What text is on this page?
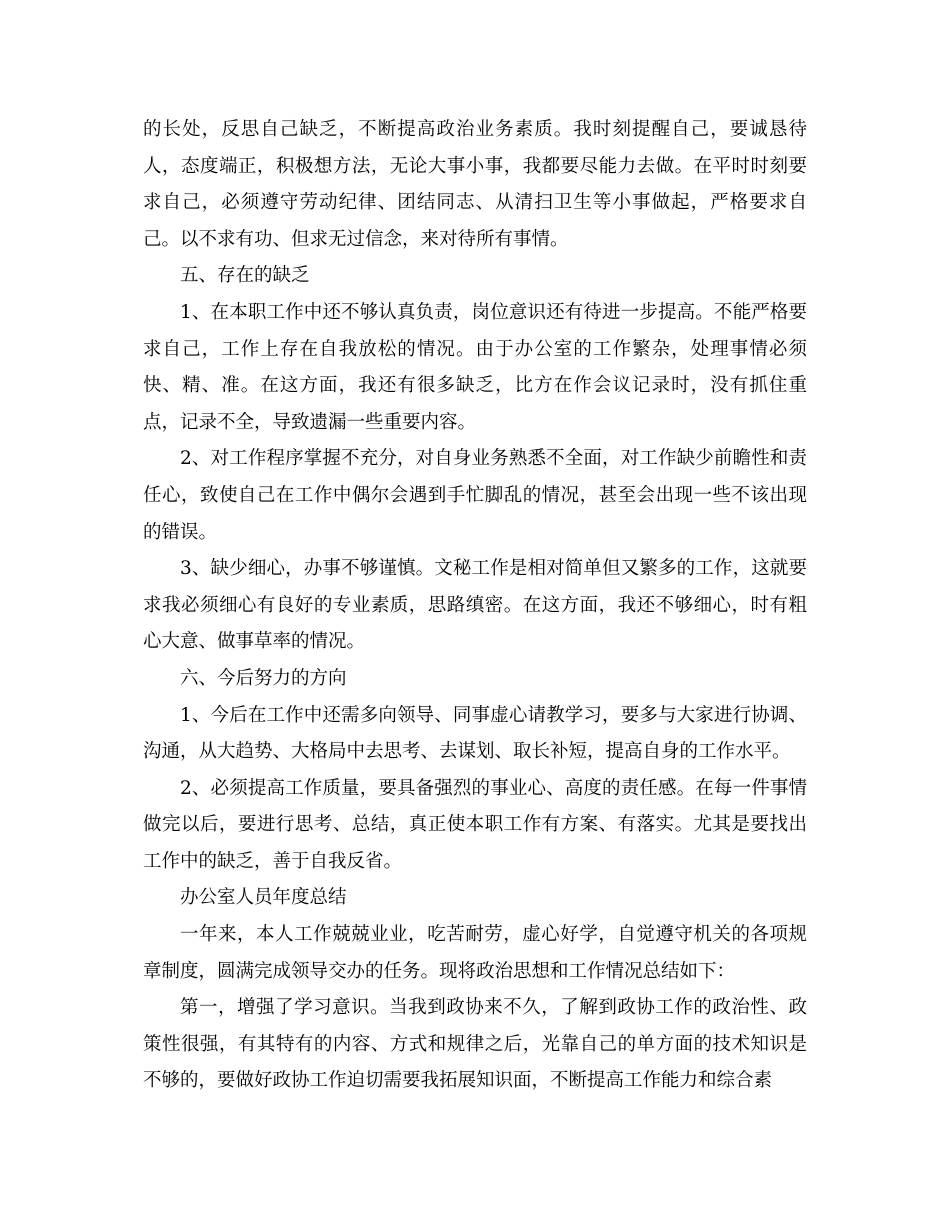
的长处，反思自己缺乏，不断提高政治业务素质。我时刻提醒自己，要诚恳待人，态度端正，积极想方法，无论大事小事，我都要尽能力去做。在平时时刻要求自己，必须遵守劳动纪律、团结同志、从清扫卫生等小事做起，严格要求自己。以不求有功、但求无过信念，来对待所有事情。

五、存在的缺乏

1、在本职工作中还不够认真负责，岗位意识还有待进一步提高。不能严格要求自己，工作上存在自我放松的情况。由于办公室的工作繁杂，处理事情必须快、精、准。在这方面，我还有很多缺乏，比方在作会议记录时，没有抓住重点，记录不全，导致遗漏一些重要内容。

2、对工作程序掌握不充分，对自身业务熟悉不全面，对工作缺少前瞻性和责任心，致使自己在工作中偶尔会遇到手忙脚乱的情况，甚至会出现一些不该出现的错误。

3、缺少细心，办事不够谨慎。文秘工作是相对简单但又繁多的工作，这就要求我必须细心有良好的专业素质，思路缜密。在这方面，我还不够细心，时有粗心大意、做事草率的情况。

六、今后努力的方向

1、今后在工作中还需多向领导、同事虚心请教学习，要多与大家进行协调、沟通，从大趋势、大格局中去思考、去谋划、取长补短，提高自身的工作水平。

2、必须提高工作质量，要具备强烈的事业心、高度的责任感。在每一件事情做完以后，要进行思考、总结，真正使本职工作有方案、有落实。尤其是要找出工作中的缺乏，善于自我反省。

办公室人员年度总结

一年来，本人工作兢兢业业，吃苦耐劳，虚心好学，自觉遵守机关的各项规章制度，圆满完成领导交办的任务。现将政治思想和工作情况总结如下：

第一，增强了学习意识。当我到政协来不久，了解到政协工作的政治性、政策性很强，有其特有的内容、方式和规律之后，光靠自己的单方面的技术知识是不够的，要做好政协工作迫切需要我拓展知识面，不断提高工作能力和综合素
